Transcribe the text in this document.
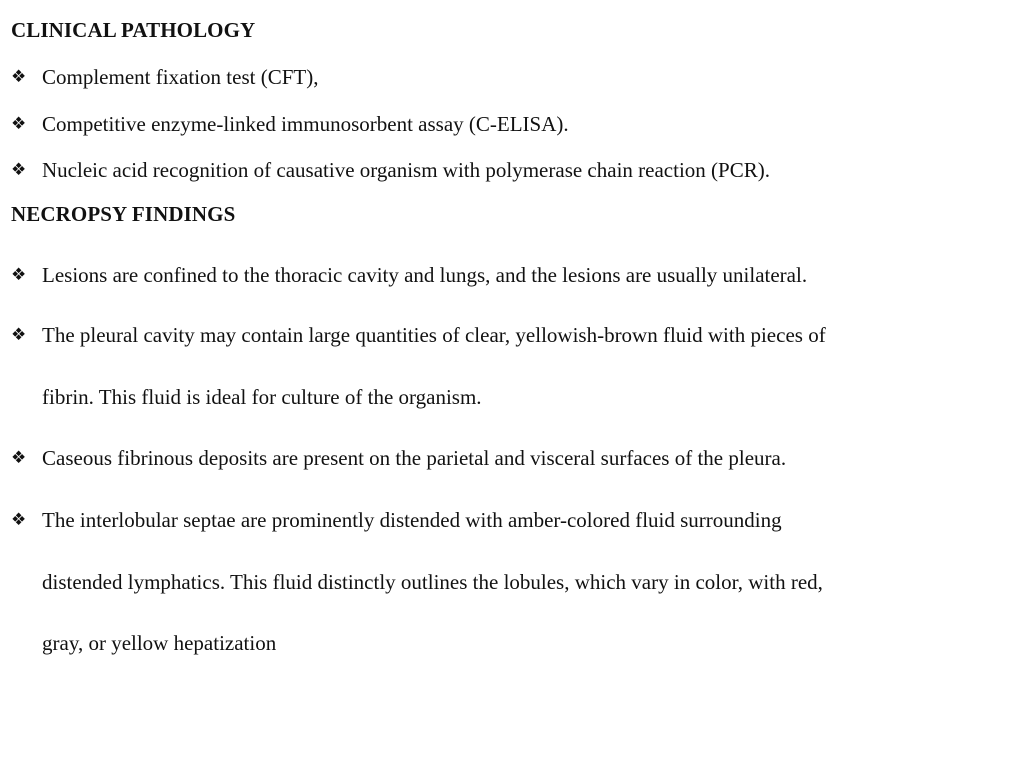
CLINICAL PATHOLOGY
❖ Complement fixation test (CFT),
❖ Competitive enzyme-linked immunosorbent assay (C-ELISA).
❖ Nucleic acid recognition of causative organism with polymerase chain reaction (PCR).
NECROPSY FINDINGS
❖ Lesions are confined to the thoracic cavity and lungs, and the lesions are usually unilateral.
❖ The pleural cavity may contain large quantities of clear, yellowish-brown fluid with pieces of
fibrin. This fluid is ideal for culture of the organism.
❖ Caseous fibrinous deposits are present on the parietal and visceral surfaces of the pleura.
❖ The interlobular septae are prominently distended with amber-colored fluid surrounding
distended lymphatics. This fluid distinctly outlines the lobules, which vary in color, with red,
gray, or yellow hepatization
